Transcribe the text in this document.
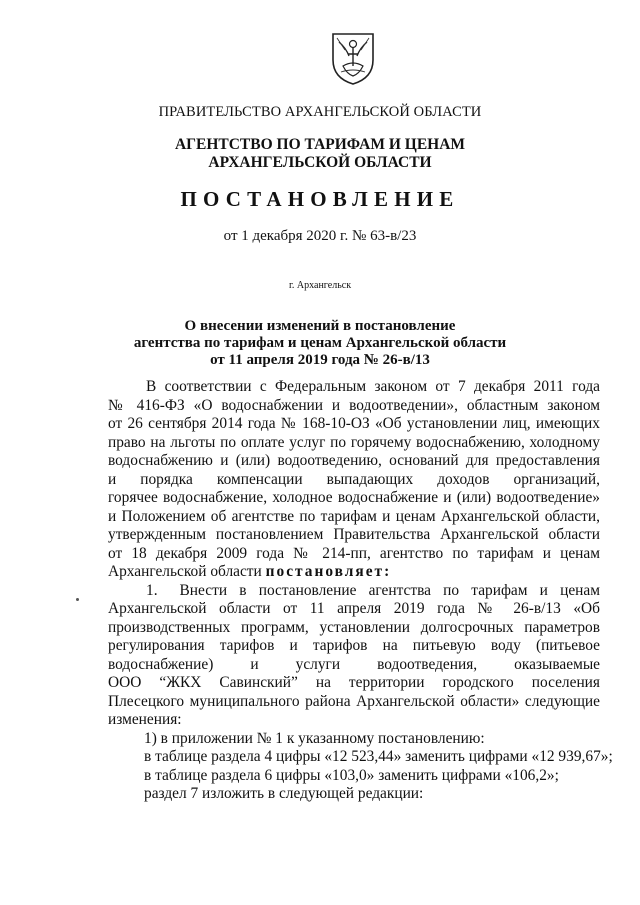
ПРАВИТЕЛЬСТВО АРХАНГЕЛЬСКОЙ ОБЛАСТИ
АГЕНТСТВО ПО ТАРИФАМ И ЦЕНАМ
АРХАНГЕЛЬСКОЙ ОБЛАСТИ
ПОСТАНОВЛЕНИЕ
от 1 декабря 2020 г. № 63-в/23
г. Архангельск
О внесении изменений в постановление
агентства по тарифам и ценам Архангельской области
от 11 апреля 2019 года № 26-в/13
В соответствии с Федеральным законом от 7 декабря 2011 года
№ 416-ФЗ «О водоснабжении и водоотведении», областным законом
от 26 сентября 2014 года № 168-10-ОЗ «Об установлении лиц, имеющих
право на льготы по оплате услуг по горячему водоснабжению, холодному
водоснабжению и (или) водоотведению, оснований для предоставления
и порядка компенсации выпадающих доходов организаций,
горячее водоснабжение, холодное водоснабжение и (или) водоотведение»
и Положением об агентстве по тарифам и ценам Архангельской области,
утвержденным постановлением Правительства Архангельской области
от 18 декабря 2009 года № 214-пп, агентство по тарифам и ценам
Архангельской области постановляет:
1. Внести в постановление агентства по тарифам и ценам
Архангельской области от 11 апреля 2019 года № 26-в/13 «Об
производственных программ, установлении долгосрочных параметров
регулирования тарифов и тарифов на питьевую воду (питьевое
водоснабжение) и услуги водоотведения, оказываемые
ООО “ЖКХ Савинский” на территории городского поселения
Плесецкого муниципального района Архангельской области» следующие
изменения:
1) в приложении № 1 к указанному постановлению:
в таблице раздела 4 цифры «12 523,44» заменить цифрами «12 939,67»;
в таблице раздела 6 цифры «103,0» заменить цифрами «106,2»;
раздел 7 изложить в следующей редакции:
